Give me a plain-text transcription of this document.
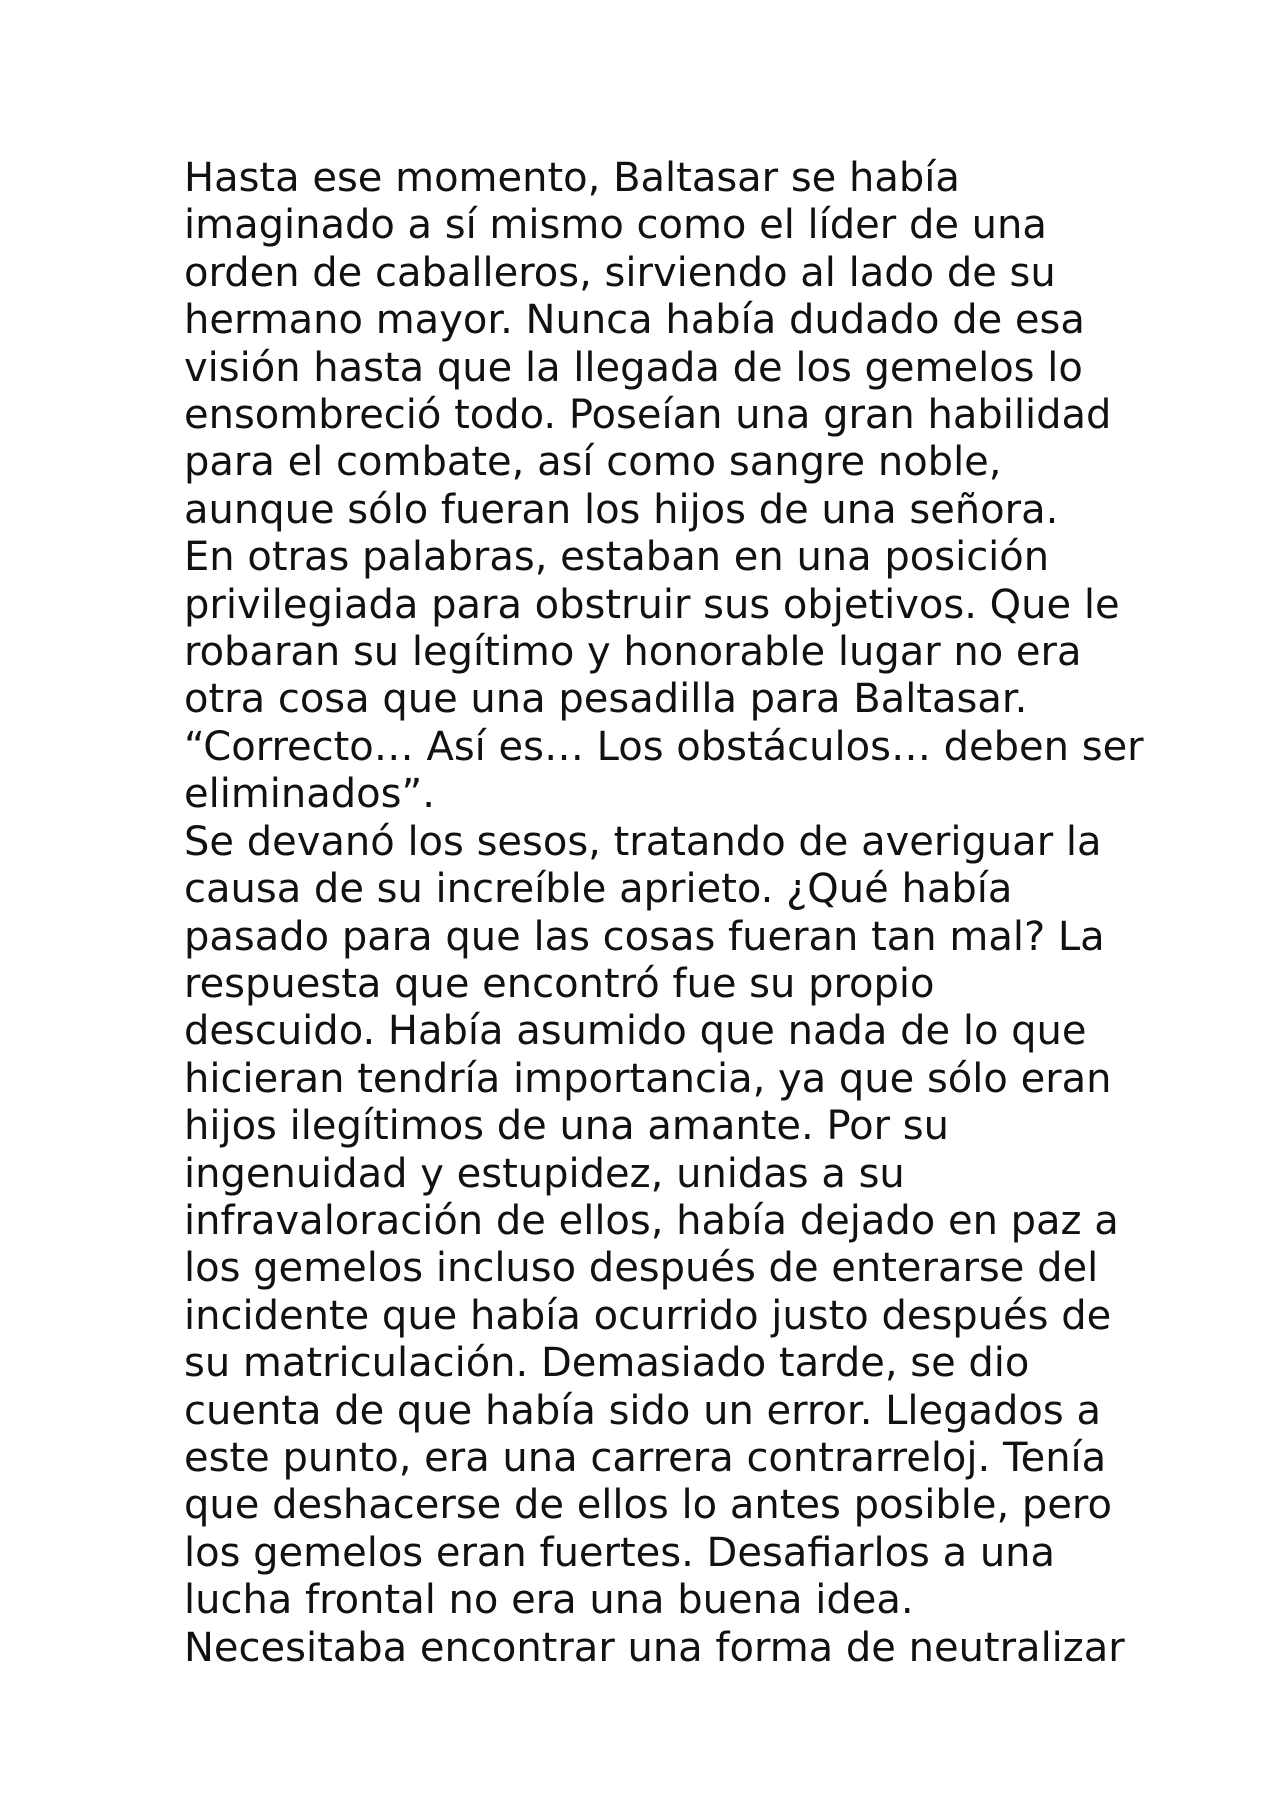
Hasta ese momento, Baltasar se había
imaginado a sí mismo como el líder de una
orden de caballeros, sirviendo al lado de su
hermano mayor. Nunca había dudado de esa
visión hasta que la llegada de los gemelos lo
ensombreció todo. Poseían una gran habilidad
para el combate, así como sangre noble,
aunque sólo fueran los hijos de una señora.
En otras palabras, estaban en una posición
privilegiada para obstruir sus objetivos. Que le
robaran su legítimo y honorable lugar no era
otra cosa que una pesadilla para Baltasar.
“Correcto… Así es… Los obstáculos… deben ser
eliminados”.
Se devanó los sesos, tratando de averiguar la
causa de su increíble aprieto. ¿Qué había
pasado para que las cosas fueran tan mal? La
respuesta que encontró fue su propio
descuido. Había asumido que nada de lo que
hicieran tendría importancia, ya que sólo eran
hijos ilegítimos de una amante. Por su
ingenuidad y estupidez, unidas a su
infravaloración de ellos, había dejado en paz a
los gemelos incluso después de enterarse del
incidente que había ocurrido justo después de
su matriculación. Demasiado tarde, se dio
cuenta de que había sido un error. Llegados a
este punto, era una carrera contrarreloj. Tenía
que deshacerse de ellos lo antes posible, pero
los gemelos eran fuertes. Desafiarlos a una
lucha frontal no era una buena idea.
Necesitaba encontrar una forma de neutralizar
